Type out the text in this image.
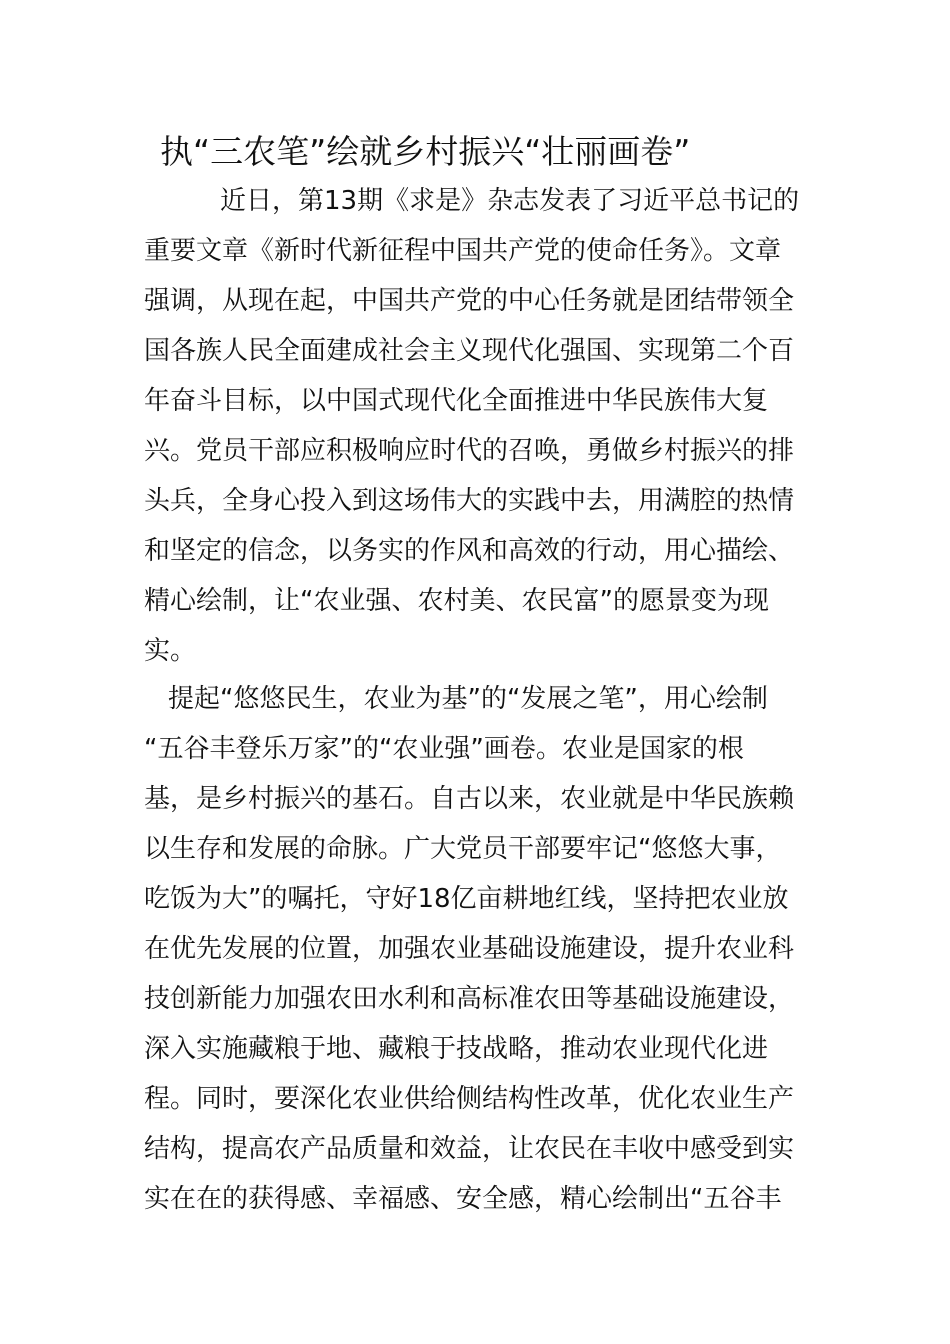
执“三农笔”绘就乡村振兴“壮丽画卷”
近日，第13期《求是》杂志发表了习近平总书记的
重要文章《新时代新征程中国共产党的使命任务》。文章
强调，从现在起，中国共产党的中心任务就是团结带领全
国各族人民全面建成社会主义现代化强国、实现第二个百
年奋斗目标，以中国式现代化全面推进中华民族伟大复
兴。党员干部应积极响应时代的召唤，勇做乡村振兴的排
头兵，全身心投入到这场伟大的实践中去，用满腔的热情
和坚定的信念，以务实的作风和高效的行动，用心描绘、
精心绘制，让“农业强、农村美、农民富”的愿景变为现
实。
提起“悠悠民生，农业为基”的“发展之笔”，用心绘制
“五谷丰登乐万家”的“农业强”画卷。农业是国家的根
基，是乡村振兴的基石。自古以来，农业就是中华民族赖
以生存和发展的命脉。广大党员干部要牢记“悠悠大事，
吃饭为大”的嘱托，守好18亿亩耕地红线，坚持把农业放
在优先发展的位置，加强农业基础设施建设，提升农业科
技创新能力加强农田水利和高标准农田等基础设施建设，
深入实施藏粮于地、藏粮于技战略，推动农业现代化进
程。同时，要深化农业供给侧结构性改革，优化农业生产
结构，提高农产品质量和效益，让农民在丰收中感受到实
实在在的获得感、幸福感、安全感，精心绘制出“五谷丰
